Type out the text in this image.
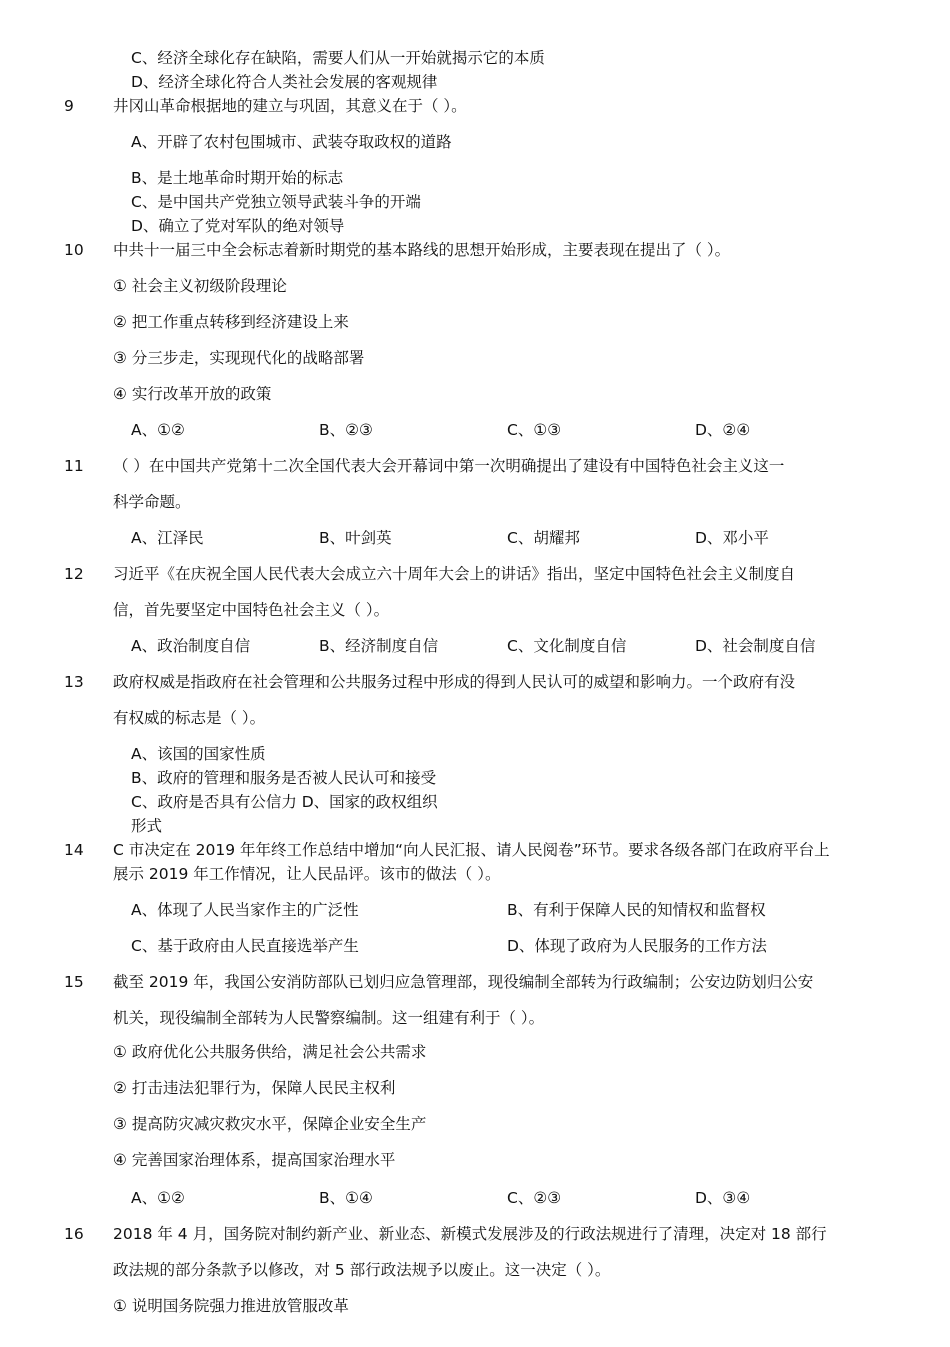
C、经济全球化存在缺陷，需要人们从一开始就揭示它的本质
D、经济全球化符合人类社会发展的客观规律
9	井冈山革命根据地的建立与巩固，其意义在于（ ）。
A、开辟了农村包围城市、武装夺取政权的道路
B、是土地革命时期开始的标志
C、是中国共产党独立领导武装斗争的开端
D、确立了党对军队的绝对领导
10	中共十一届三中全会标志着新时期党的基本路线的思想开始形成，主要表现在提出了（ ）。
① 社会主义初级阶段理论
② 把工作重点转移到经济建设上来
③ 分三步走，实现现代化的战略部署
④ 实行改革开放的政策
A、①②	B、②③	C、①③	D、②④
11	（ ）在中国共产党第十二次全国代表大会开幕词中第一次明确提出了建设有中国特色社会主义这一
科学命题。
A、江泽民	B、叶剑英	C、胡耀邦	D、邓小平
12	习近平《在庆祝全国人民代表大会成立六十周年大会上的讲话》指出，坚定中国特色社会主义制度自
信，首先要坚定中国特色社会主义（ ）。
A、政治制度自信	B、经济制度自信	C、文化制度自信	D、社会制度自信
13	政府权威是指政府在社会管理和公共服务过程中形成的得到人民认可的威望和影响力。一个政府有没
有权威的标志是（ ）。
A、该国的国家性质
B、政府的管理和服务是否被人民认可和接受
C、政府是否具有公信力 D、国家的政权组织
形式
14	C 市决定在 2019 年年终工作总结中增加“向人民汇报、请人民阅卷”环节。要求各级各部门在政府平台上
展示 2019 年工作情况，让人民品评。该市的做法（ ）。
A、体现了人民当家作主的广泛性	B、有利于保障人民的知情权和监督权
C、基于政府由人民直接选举产生	D、体现了政府为人民服务的工作方法
15	截至 2019 年，我国公安消防部队已划归应急管理部，现役编制全部转为行政编制；公安边防划归公安
机关，现役编制全部转为人民警察编制。这一组建有利于（ ）。
① 政府优化公共服务供给，满足社会公共需求
② 打击违法犯罪行为，保障人民民主权利
③ 提高防灾减灾救灾水平，保障企业安全生产
④ 完善国家治理体系，提高国家治理水平
A、①②	B、①④	C、②③	D、③④
16	2018 年 4 月，国务院对制约新产业、新业态、新模式发展涉及的行政法规进行了清理，决定对 18 部行
政法规的部分条款予以修改，对 5 部行政法规予以废止。这一决定（ ）。
① 说明国务院强力推进放管服改革
